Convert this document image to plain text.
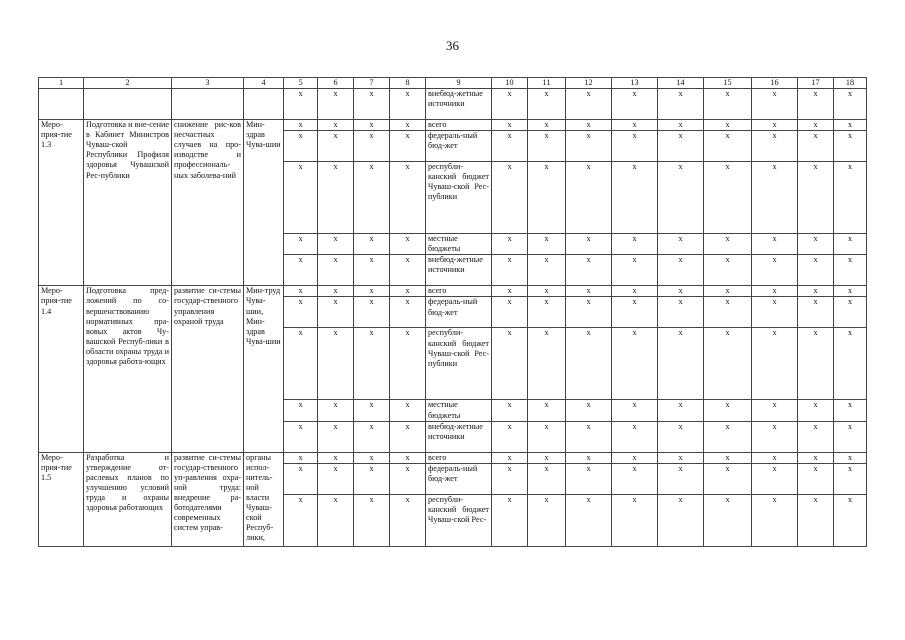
36
1	2	3	4	5	6	7	8	9	10	11	12	13	14	15	16	17	18
				x	x	x	x	внебюд-жетные источники	x	x	x	x	x	x	x	x	x
Меро-прия-тие 1.3	Подготовка и вне-сение в Кабинет Министров Чуваш-ской Республики Профиля здоровья Чувашской Рес-публики	снижение рис-ков несчастных случаев на про-изводстве и профессиональ-ных заболева-ний	Мин-здрав Чува-шии	x	x	x	x	всего	x	x	x	x	x	x	x	x	x
				x	x	x	x	федераль-ный бюд-жет	x	x	x	x	x	x	x	x	x
				x	x	x	x	республи-канский бюджет Чуваш-ской Рес-публики	x	x	x	x	x	x	x	x	x
				x	x	x	x	местные бюджеты	x	x	x	x	x	x	x	x	x
				x	x	x	x	внебюд-жетные источники	x	x	x	x	x	x	x	x	x
Меро-прия-тие 1.4	Подготовка пред-ложений по со-вершенствованию нормативных пра-вовых актов Чу-вашской Респуб-лики в области охраны труда и здоровья работа-ющих	развитие си-стемы государ-ственного управления охраной труда	Мин-труд Чува-шии, Мин-здрав Чува-шии	x	x	x	x	всего	x	x	x	x	x	x	x	x	x
				x	x	x	x	федераль-ный бюд-жет	x	x	x	x	x	x	x	x	x
				x	x	x	x	республи-канский бюджет Чуваш-ской Рес-публики	x	x	x	x	x	x	x	x	x
				x	x	x	x	местные бюджеты	x	x	x	x	x	x	x	x	x
				x	x	x	x	внебюд-жетные источники	x	x	x	x	x	x	x	x	x
Меро-прия-тие 1.5	Разработка и утверждение от-раслевых планов по улучшению условий труда и охраны здоровья работающих	развитие си-стемы государ-ственного уп-равления охра-ной труда: внедрение ра-ботодателями современных систем управ-	органы испол-нитель-ной власти Чуваш-ской Респуб-лики,	x	x	x	x	всего	x	x	x	x	x	x	x	x	x
				x	x	x	x	федераль-ный бюд-жет	x	x	x	x	x	x	x	x	x
				x	x	x	x	республи-канский бюджет Чуваш-ской Рес-	x	x	x	x	x	x	x	x	x
